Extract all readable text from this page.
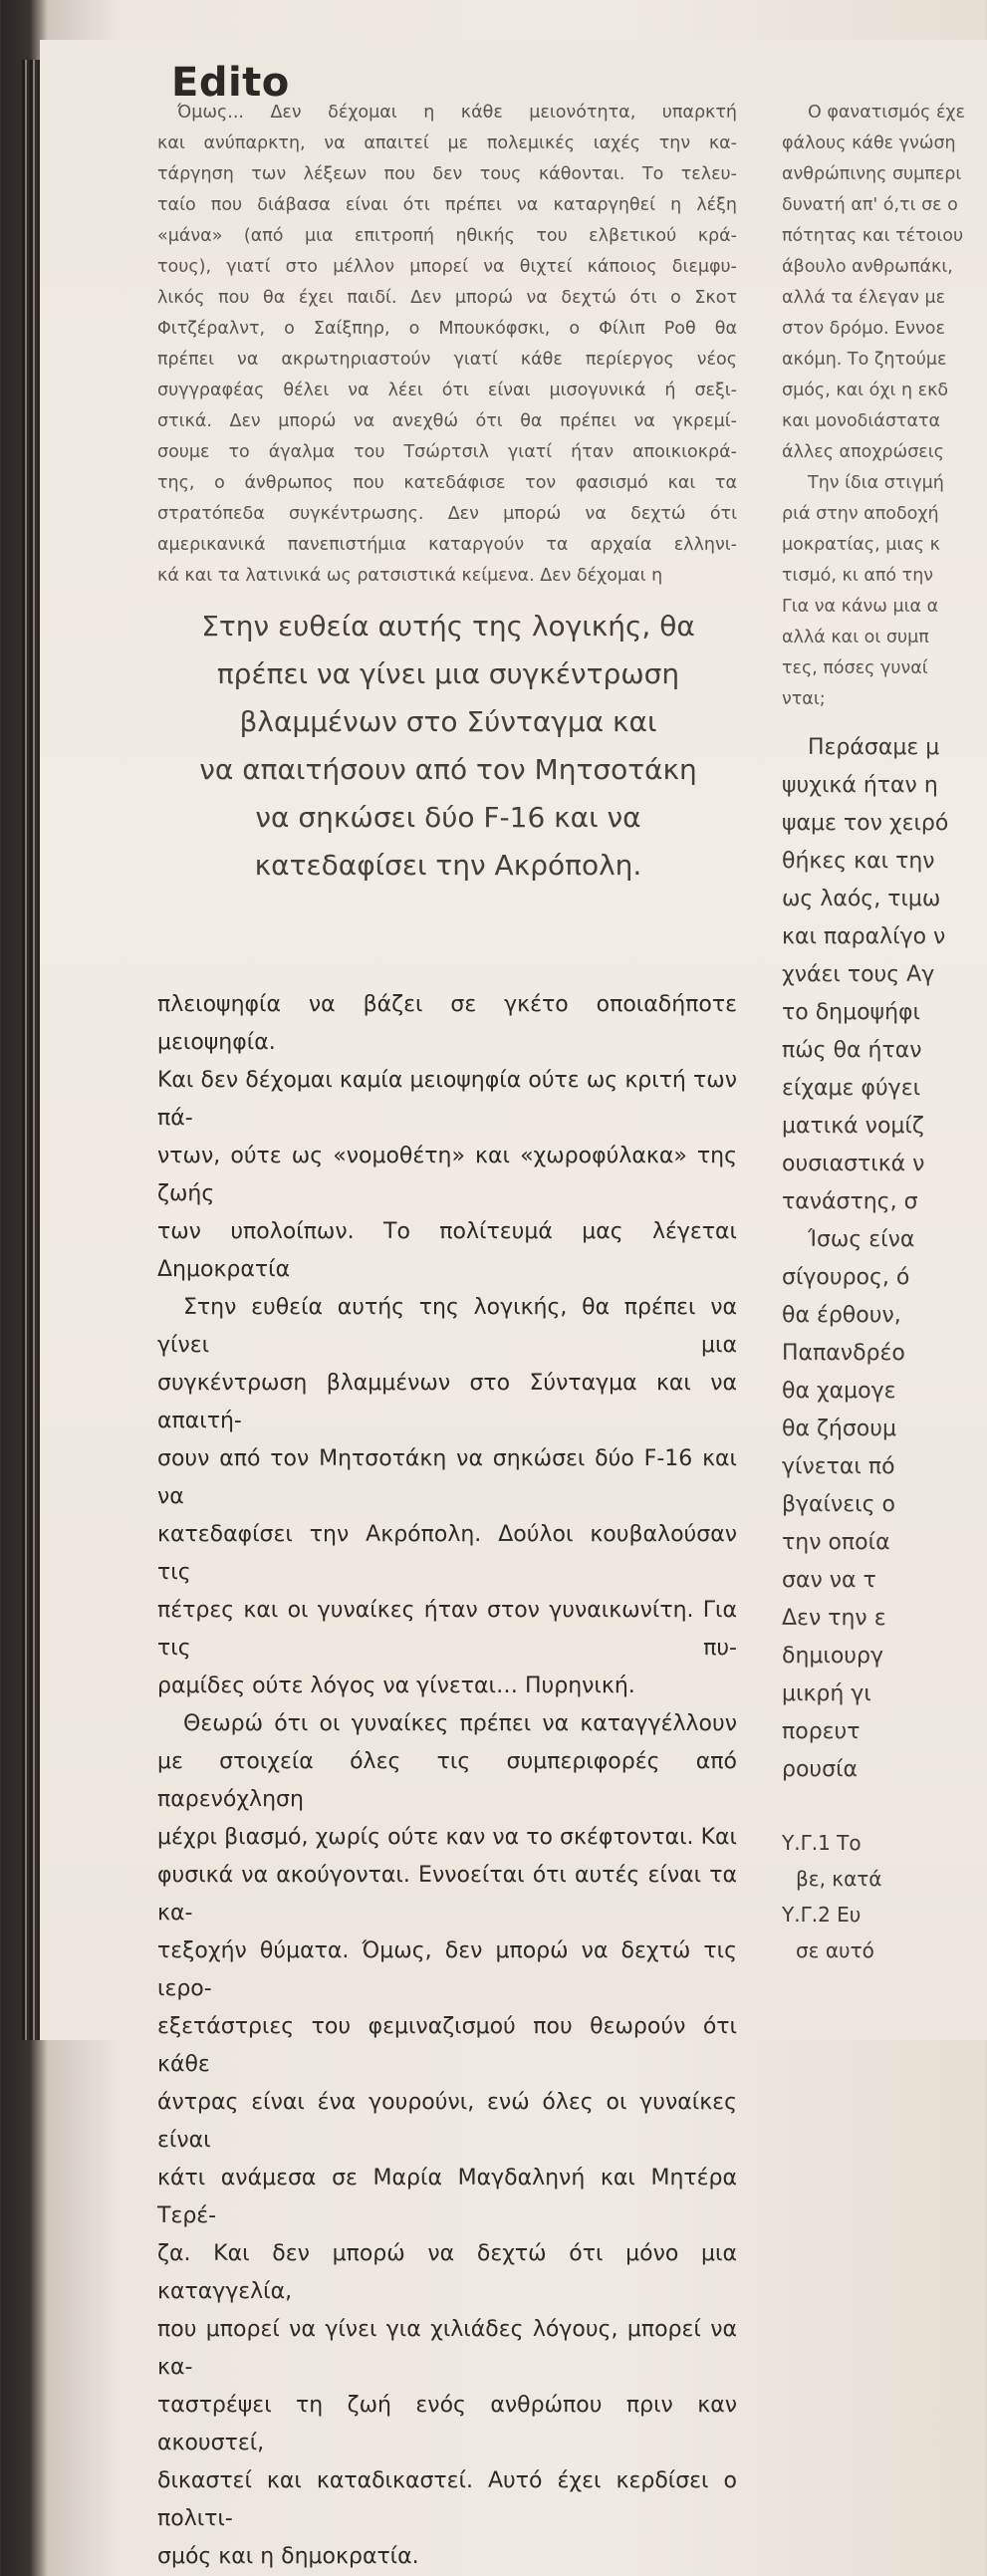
Edito

Όμως... Δεν δέχομαι η κάθε μειονότητα, υπαρκτή

και ανύπαρκτη, να απαιτεί με πολεμικές ιαχές την κα-

τάργηση των λέξεων που δεν τους κάθονται. Το τελευ-

ταίο που διάβασα είναι ότι πρέπει να καταργηθεί η λέξη

«μάνα» (από μια επιτροπή ηθικής του ελβετικού κρά-

τους), γιατί στο μέλλον μπορεί να θιχτεί κάποιος διεμφυ-

λικός που θα έχει παιδί. Δεν μπορώ να δεχτώ ότι ο Σκοτ

Φιτζέραλντ, ο Σαίξπηρ, ο Μπουκόφσκι, ο Φίλιπ Ροθ θα

πρέπει να ακρωτηριαστούν γιατί κάθε περίεργος νέος

συγγραφέας θέλει να λέει ότι είναι μισογυνικά ή σεξι-

στικά. Δεν μπορώ να ανεχθώ ότι θα πρέπει να γκρεμί-

σουμε το άγαλμα του Τσώρτσιλ γιατί ήταν αποικιοκρά-

της, ο άνθρωπος που κατεδάφισε τον φασισμό και τα

στρατόπεδα συγκέντρωσης. Δεν μπορώ να δεχτώ ότι

αμερικανικά πανεπιστήμια καταργούν τα αρχαία ελληνι-

κά και τα λατινικά ως ρατσιστικά κείμενα. Δεν δέχομαι η

Στην ευθεία αυτής της λογικής, θα
πρέπει να γίνει μια συγκέντρωση
βλαμμένων στο Σύνταγμα και
να απαιτήσουν από τον Μητσοτάκη
να σηκώσει δύο F-16 και να
κατεδαφίσει την Ακρόπολη.

πλειοψηφία να βάζει σε γκέτο οποιαδήποτε μειοψηφία.

Και δεν δέχομαι καμία μειοψηφία ούτε ως κριτή των πά-

ντων, ούτε ως «νομοθέτη» και «χωροφύλακα» της ζωής

των υπολοίπων. Το πολίτευμά μας λέγεται Δημοκρατία

Στην ευθεία αυτής της λογικής, θα πρέπει να γίνει μια

συγκέντρωση βλαμμένων στο Σύνταγμα και να απαιτή-

σουν από τον Μητσοτάκη να σηκώσει δύο F-16 και να

κατεδαφίσει την Ακρόπολη. Δούλοι κουβαλούσαν τις

πέτρες και οι γυναίκες ήταν στον γυναικωνίτη. Για τις πυ-

ραμίδες ούτε λόγος να γίνεται… Πυρηνική.

Θεωρώ ότι οι γυναίκες πρέπει να καταγγέλλουν

με στοιχεία όλες τις συμπεριφορές από παρενόχληση

μέχρι βιασμό, χωρίς ούτε καν να το σκέφτονται. Και

φυσικά να ακούγονται. Εννοείται ότι αυτές είναι τα κα-

τεξοχήν θύματα. Όμως, δεν μπορώ να δεχτώ τις ιερο-

εξετάστριες του φεμιναζισμού που θεωρούν ότι κάθε

άντρας είναι ένα γουρούνι, ενώ όλες οι γυναίκες είναι

κάτι ανάμεσα σε Μαρία Μαγδαληνή και Μητέρα Τερέ-

ζα. Και δεν μπορώ να δεχτώ ότι μόνο μια καταγγελία,

που μπορεί να γίνει για χιλιάδες λόγους, μπορεί να κα-

ταστρέψει τη ζωή ενός ανθρώπου πριν καν ακουστεί,

δικαστεί και καταδικαστεί. Αυτό έχει κερδίσει ο πολιτι-

σμός και η δημοκρατία.

Ο φανατισμός έχε

φάλους κάθε γνώση

ανθρώπινης συμπερι

δυνατή απ' ό,τι σε ο

πότητας και τέτοιου

άβουλο ανθρωπάκι,

αλλά τα έλεγαν με

στον δρόμο. Εννοε

ακόμη. Το ζητούμε

σμός, και όχι η εκδ

και μονοδιάστατα

άλλες αποχρώσεις

Την ίδια στιγμή

ριά στην αποδοχή

μοκρατίας, μιας κ

τισμό, κι από την

Για να κάνω μια α

αλλά και οι συμπ

τες, πόσες γυναί

νται;

Περάσαμε μ

ψυχικά ήταν η

ψαμε τον χειρό

θήκες και την

ως λαός, τιμω

και παραλίγο ν

χνάει τους Αγ

το δημοψήφι

πώς θα ήταν

είχαμε φύγει

ματικά νομίζ

ουσιαστικά ν

τανάστης, σ

Ίσως είνα

σίγουρος, ό

θα έρθουν,

Παπανδρέο

θα χαμογε

θα ζήσουμ

γίνεται πό

βγαίνεις ο

την οποία

σαν να τ

Δεν την ε

δημιουργ

μικρή γι

πορευτ

ρουσία

Υ.Γ.1 Το

βε, κατά

Υ.Γ.2 Ευ

σε αυτό
